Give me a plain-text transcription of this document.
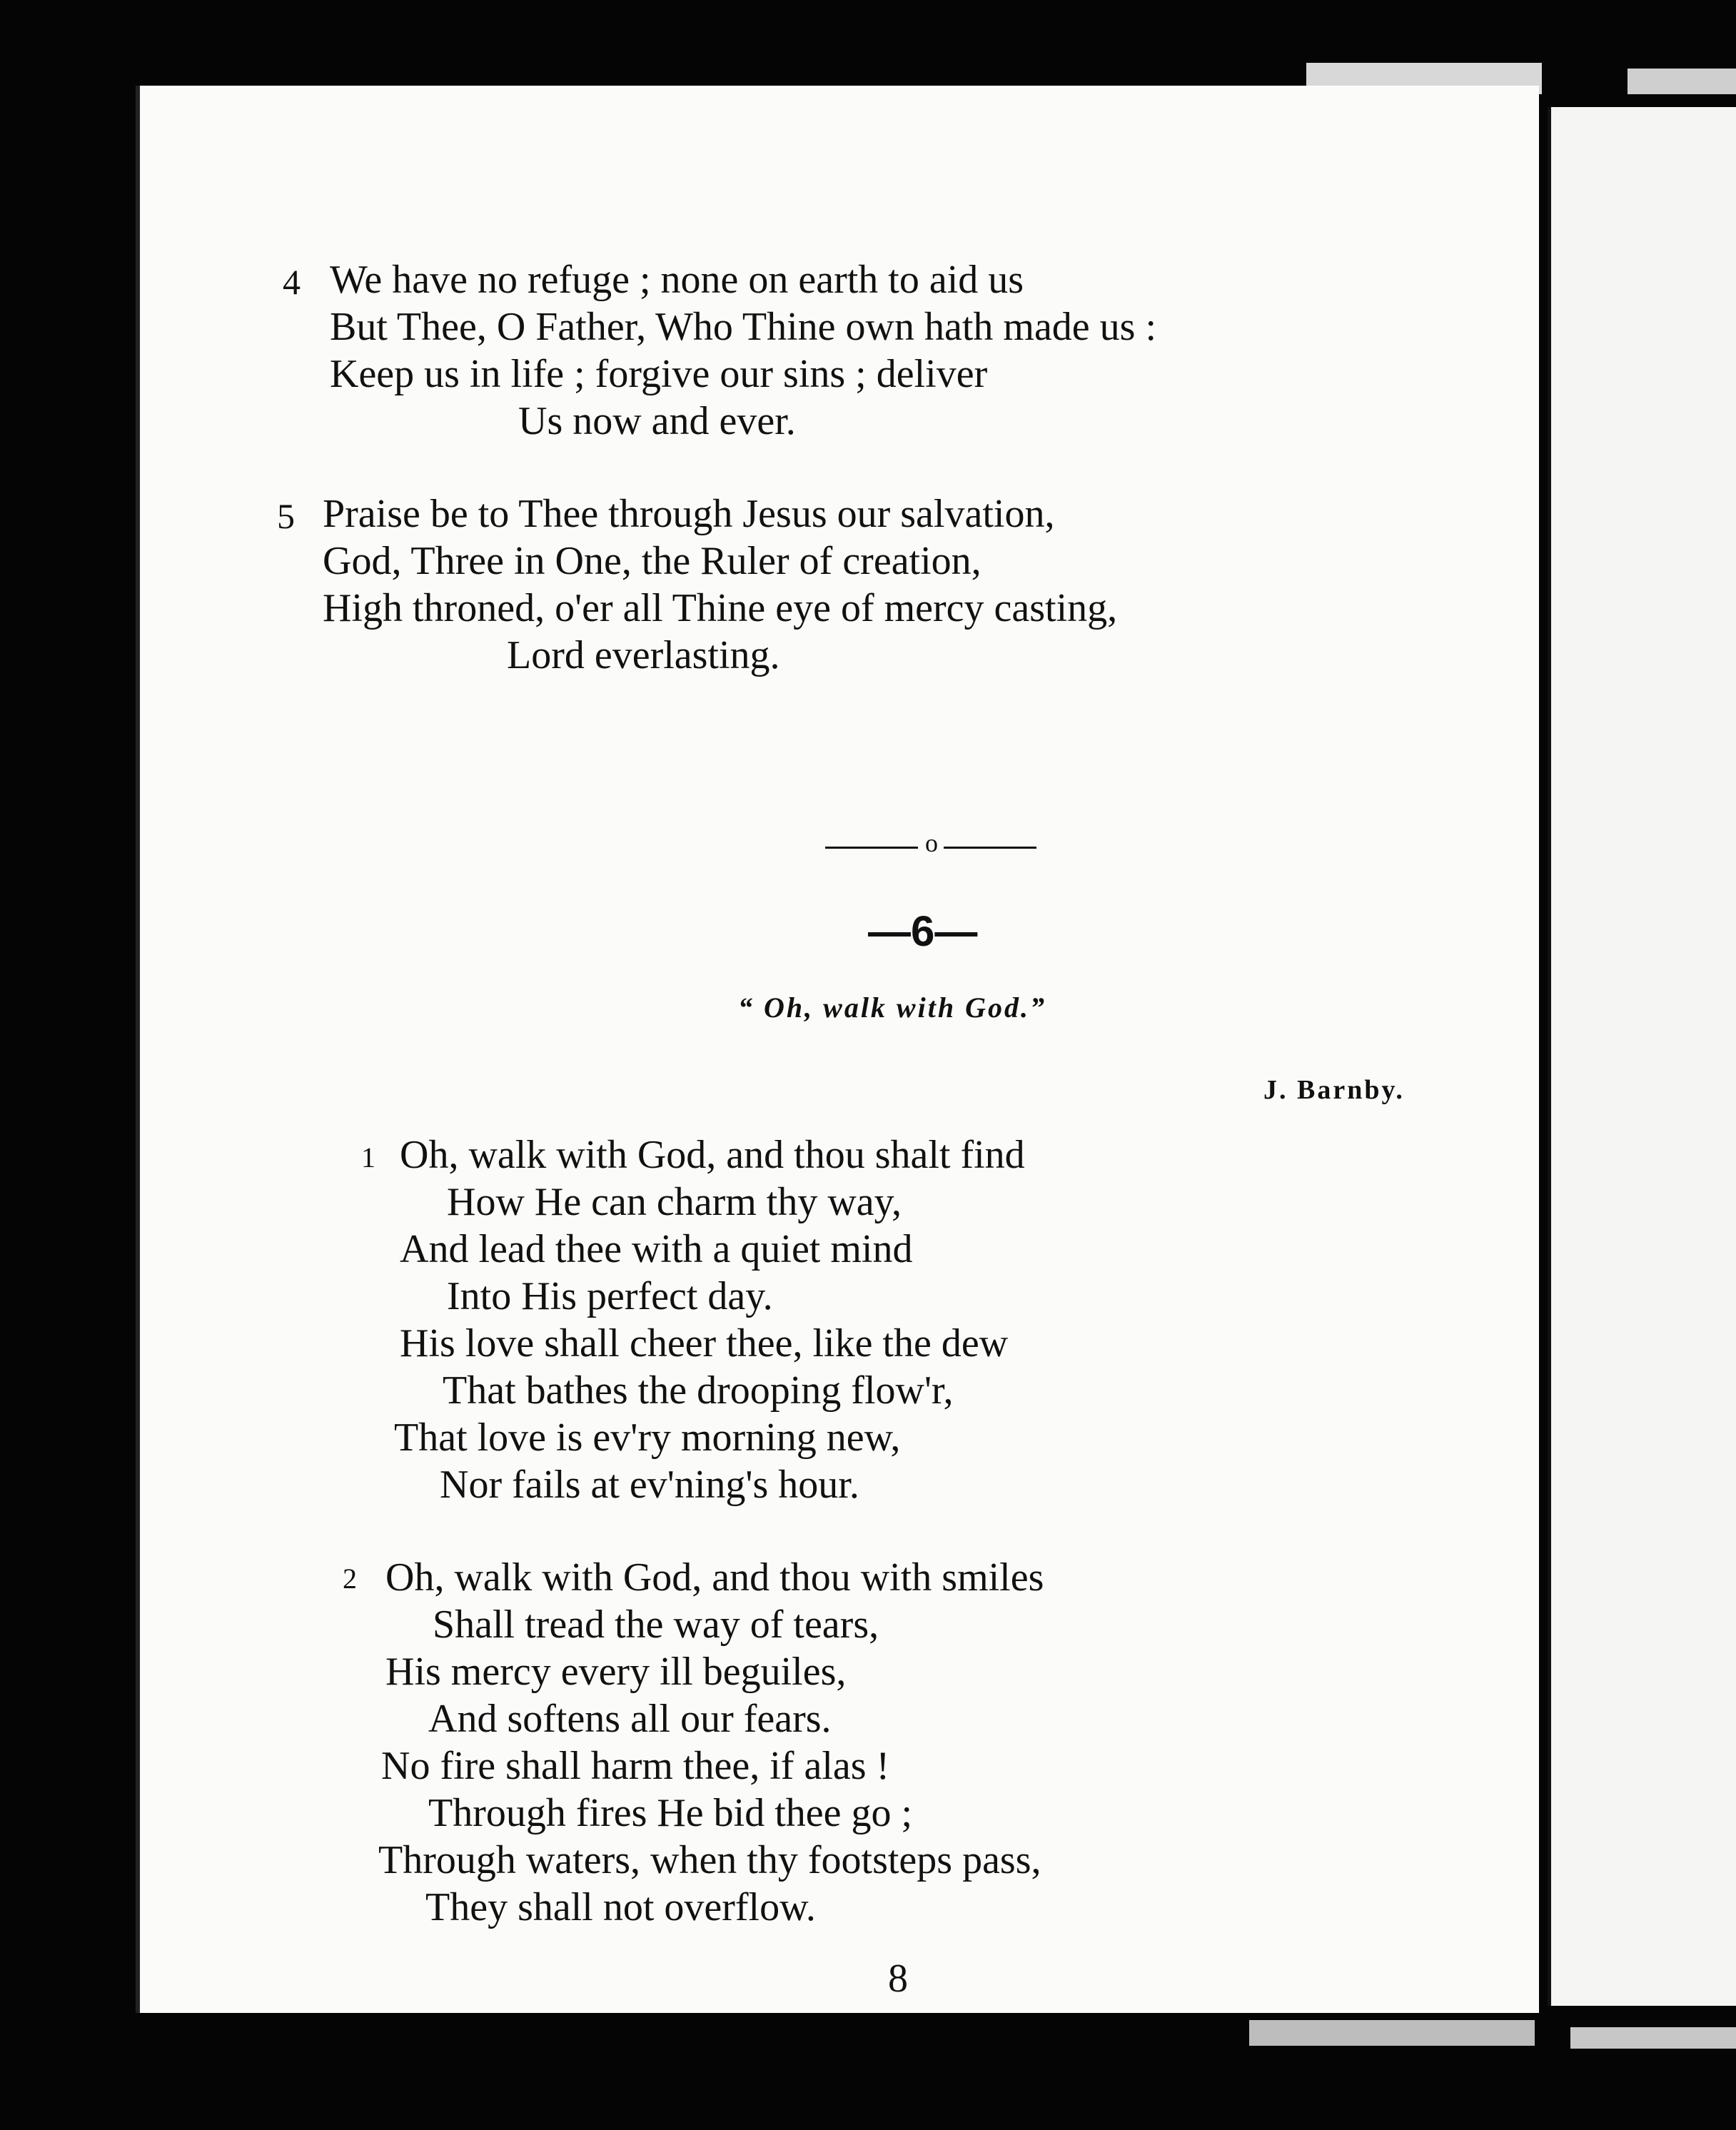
4 We have no refuge ; none on earth to aid us
But Thee, O Father, Who Thine own hath made us :
Keep us in life ; forgive our sins ; deliver
Us now and ever.
5 Praise be to Thee through Jesus our salvation,
God, Three in One, the Ruler of creation,
High throned, o'er all Thine eye of mercy casting,
Lord everlasting.
o
—6—
“ Oh, walk with God.”
J. Barnby.
1 Oh, walk with God, and thou shalt find
How He can charm thy way,
And lead thee with a quiet mind
Into His perfect day.
His love shall cheer thee, like the dew
That bathes the drooping flow'r,
That love is ev'ry morning new,
Nor fails at ev'ning's hour.
2 Oh, walk with God, and thou with smiles
Shall tread the way of tears,
His mercy every ill beguiles,
And softens all our fears.
No fire shall harm thee, if alas !
Through fires He bid thee go ;
Through waters, when thy footsteps pass,
They shall not overflow.
8
